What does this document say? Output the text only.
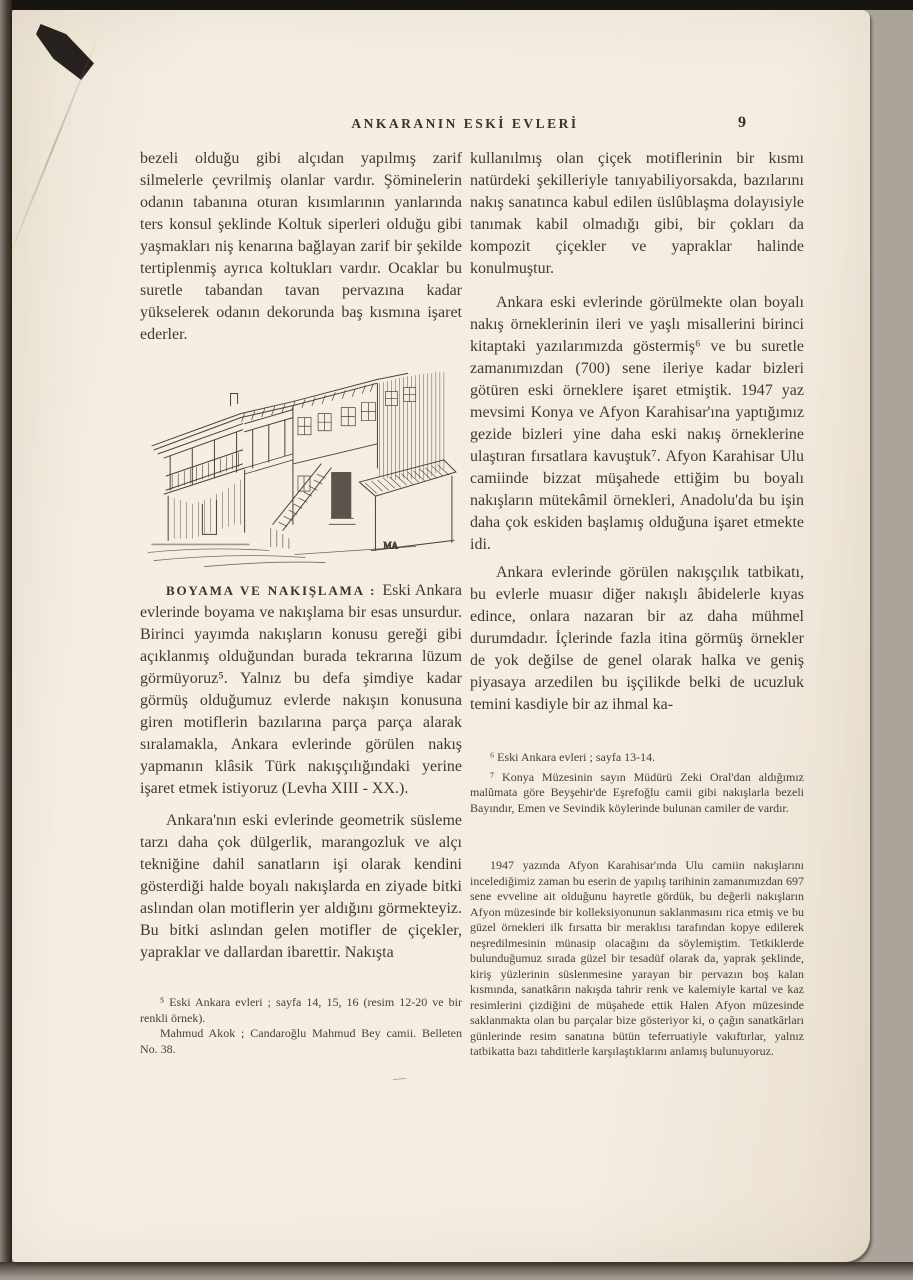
ANKARANIN ESKİ EVLERİ	9

bezeli olduğu gibi alçıdan yapılmış zarif silmelerle çevrilmiş olanlar vardır. Şöminelerin odanın tabanına oturan kısımlarının yanlarında ters konsul şeklinde Koltuk siperleri olduğu gibi yaşmakları niş kenarına bağlayan zarif bir şekilde tertiplenmiş ayrıca koltukları vardır. Ocaklar bu suretle tabandan tavan pervazına kadar yükselerek odanın dekorunda baş kısmına işaret ederler.

MA

BOYAMA VE NAKIŞLAMA : Eski Ankara evlerinde boyama ve nakışlama bir esas unsurdur. Birinci yayımda nakışların konusu gereği gibi açıklanmış olduğundan burada tekrarına lüzum görmüyoruz⁵. Yalnız bu defa şimdiye kadar görmüş olduğumuz evlerde nakışın konusuna giren motiflerin bazılarına parça parça alarak sıralamakla, Ankara evlerinde görülen nakış yapmanın klâsik Türk nakışçılığındaki yerine işaret etmek istiyoruz (Levha XIII - XX.).

Ankara'nın eski evlerinde geometrik süsleme tarzı daha çok dülgerlik, marangozluk ve alçı tekniğine dahil sanatların işi olarak kendini gösterdiği halde boyalı nakışlarda en ziyade bitki aslından olan motiflerin yer aldığını görmekteyiz. Bu bitki aslından gelen motifler de çiçekler, yapraklar ve dallardan ibarettir. Nakışta

⁵ Eski Ankara evleri ; sayfa 14, 15, 16 (resim 12-20 ve bir renkli örnek).

Mahmud Akok ; Candaroğlu Mahmud Bey camii. Belleten No. 38.

—

kullanılmış olan çiçek motiflerinin bir kısmı natürdeki şekilleriyle tanıyabiliyorsakda, bazılarını nakış sanatınca kabul edilen üslûblaşma dolayısiyle tanımak kabil olmadığı gibi, bir çokları da kompozit çiçekler ve yapraklar halinde konulmuştur.

Ankara eski evlerinde görülmekte olan boyalı nakış örneklerinin ileri ve yaşlı misallerini birinci kitaptaki yazılarımızda göstermiş⁶ ve bu suretle zamanımızdan (700) sene ileriye kadar bizleri götüren eski örneklere işaret etmiştik. 1947 yaz mevsimi Konya ve Afyon Karahisar'ına yaptığımız gezide bizleri yine daha eski nakış örneklerine ulaştıran fırsatlara kavuştuk⁷. Afyon Karahisar Ulu camiinde bizzat müşahede ettiğim bu boyalı nakışların mütekâmil örnekleri, Anadolu'da bu işin daha çok eskiden başlamış olduğuna işaret etmekte idi.

Ankara evlerinde görülen nakışçılık tatbikatı, bu evlerle muasır diğer nakışlı âbidelerle kıyas edince, onlara nazaran bir az daha mühmel durumdadır. İçlerinde fazla itina görmüş örnekler de yok değilse de genel olarak halka ve geniş piyasaya arzedilen bu işçilikde belki de ucuzluk temini kasdiyle bir az ihmal ka-

⁶ Eski Ankara evleri ; sayfa 13-14.

⁷ Konya Müzesinin sayın Müdürü Zeki Oral'dan aldığımız malûmata göre Beyşehir'de Eşrefoğlu camii gibi nakışlarla bezeli Bayındır, Emen ve Sevindik köylerinde bulunan camiler de vardır.

1947 yazında Afyon Karahisar'ında Ulu camiin nakışlarını incelediğimiz zaman bu eserin de yapılış tarihinin zamanımızdan 697 sene evveline ait olduğunu hayretle gördük, bu değerli nakışların Afyon müzesinde bir kolleksiyonunun saklanmasını rica etmiş ve bu güzel örnekleri ilk fırsatta bir meraklısı tarafından kopye edilerek neşredilmesinin münasip olacağını da söylemiştim. Tetkiklerde bulunduğumuz sırada güzel bir tesadüf olarak da, yaprak şeklinde, kiriş yüzlerinin süslenmesine yarayan bir pervazın boş kalan kısmında, sanatkârın nakışda tahrir renk ve kalemiyle kartal ve kaz resimlerini çizdiğini de müşahede ettik Halen Afyon müzesinde saklanmakta olan bu parçalar bize gösteriyor ki, o çağın sanatkârları günlerinde resim sanatına bütün teferruatiyle vakıftırlar, yalnız tatbikatta bazı tahditlerle karşılaştıklarını anlamış bulunuyoruz.
